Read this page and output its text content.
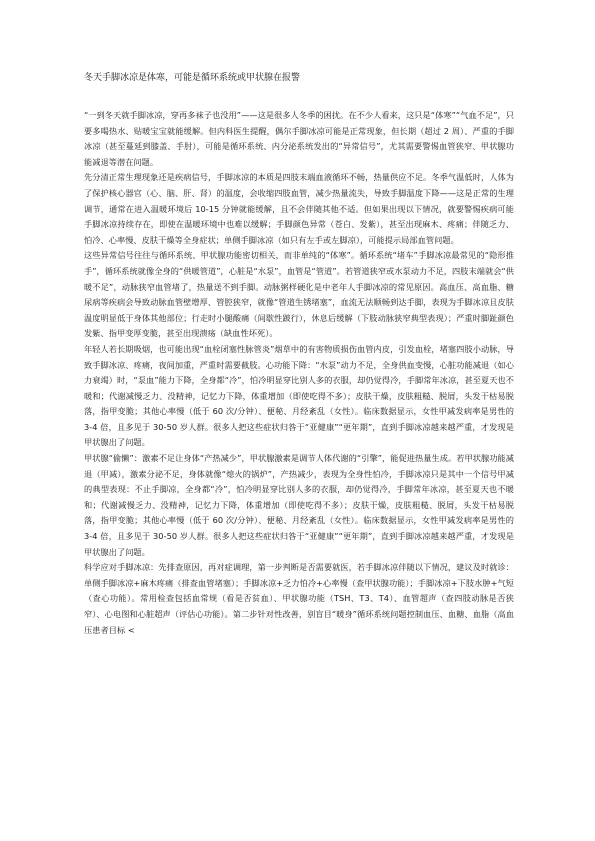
冬天手脚冰凉是体寒，可能是循环系统或甲状腺在报警

“一到冬天就手脚冰凉，穿再多袜子也没用”——这是很多人冬季的困扰。在不少人看来，这只是“体寒”“气血不足”，只要多喝热水、贴暖宝宝就能缓解。但内科医生提醒，偶尔手脚冰凉可能是正常现象，但长期（超过 2 周）、严重的手脚冰凉（甚至蔓延到膝盖、手肘），可能是循环系统、内分泌系统发出的“异常信号”，尤其需要警惕血管狭窄、甲状腺功能减退等潜在问题。

先分清正常生理现象还是疾病信号，手脚冰凉的本质是四肢末端血液循环不畅，热量供应不足。冬季气温低时，人体为了保护核心器官（心、脑、肝、肾）的温度，会收缩四肢血管，减少热量流失，导致手脚温度下降——这是正常的生理调节，通常在进入温暖环境后 10-15 分钟就能缓解，且不会伴随其他不适。但如果出现以下情况，就要警惕疾病可能手脚冰凉持续存在，即使在温暖环境中也难以缓解；手脚颜色异常（苍白、发紫），甚至出现麻木、疼痛；伴随乏力、怕冷、心率慢、皮肤干燥等全身症状；单侧手脚冰凉（如只有左手或左脚凉），可能提示局部血管问题。

这些异常信号往往与循环系统、甲状腺功能密切相关，而非单纯的“体寒”。循环系统“堵车”手脚冰凉最常见的“隐形推手”，循环系统就像全身的“供暖管道”，心脏是“水泵”，血管是“管道”。若管道狭窄或水泵动力不足，四肢末端就会“供暖不足”，动脉狭窄血管堵了，热量送不到手脚。动脉粥样硬化是中老年人手脚冰凉的常见原因。高血压、高血脂、糖尿病等疾病会导致动脉血管壁增厚、管腔狭窄，就像“管道生锈堵塞”，血流无法顺畅到达手脚，表现为手脚冰凉且皮肤温度明显低于身体其他部位；行走时小腿酸痛（间歇性跛行），休息后缓解（下肢动脉狭窄典型表现）；严重时脚趾颜色发紫、指甲变厚变脆，甚至出现溃疡（缺血性坏死）。

年轻人若长期吸烟，也可能出现“血栓闭塞性脉管炎”烟草中的有害物质损伤血管内皮，引发血栓，堵塞四肢小动脉，导致手脚冰凉、疼痛，夜间加重，严重时需要截肢。心功能下降：“水泵”动力不足，全身供血变慢，心脏功能减退（如心力衰竭）时，“泵血”能力下降，全身都“冷”，怕冷明显穿比别人多的衣服，却仍觉得冷，手脚常年冰凉，甚至夏天也不暖和；代谢减慢乏力、没精神，记忆力下降，体重增加（即使吃得不多）；皮肤干燥，皮肤粗糙、脱屑，头发干枯易脱落，指甲变脆；其他心率慢（低于 60 次/分钟）、便秘、月经紊乱（女性）。临床数据显示，女性甲减发病率是男性的 3-4 倍，且多见于 30-50 岁人群。很多人把这些症状归咎于“亚健康”“更年期”，直到手脚冰凉越来越严重，才发现是甲状腺出了问题。

甲状腺“偷懒”：激素不足让身体“产热减少”，甲状腺激素是调节人体代谢的“引擎”，能促进热量生成。若甲状腺功能减退（甲减），激素分泌不足，身体就像“熄火的锅炉”，产热减少，表现为全身性怕冷，手脚冰凉只是其中一个信号甲减的典型表现：不止手脚凉，全身都“冷”，怕冷明显穿比别人多的衣服，却仍觉得冷，手脚常年冰凉，甚至夏天也不暖和；代谢减慢乏力、没精神，记忆力下降，体重增加（即使吃得不多）；皮肤干燥，皮肤粗糙、脱屑，头发干枯易脱落，指甲变脆；其他心率慢（低于 60 次/分钟）、便秘、月经紊乱（女性）。临床数据显示，女性甲减发病率是男性的 3-4 倍，且多见于 30-50 岁人群。很多人把这些症状归咎于“亚健康”“更年期”，直到手脚冰凉越来越严重，才发现是甲状腺出了问题。

科学应对手脚冰凉：先排查原因，再对症调理，第一步判断是否需要就医，若手脚冰凉伴随以下情况，建议及时就诊：单侧手脚冰凉+麻木疼痛（排查血管堵塞）；手脚冰凉+乏力怕冷+心率慢（查甲状腺功能）；手脚冰凉+下肢水肿+气短（查心功能）。常用检查包括血常规（看是否贫血）、甲状腺功能（TSH、T3、T4）、血管超声（查四肢动脉是否狭窄）、心电图和心脏超声（评估心功能）。第二步针对性改善，别盲目“暖身”循环系统问题控制血压、血糖、血脂（高血压患者目标 <
